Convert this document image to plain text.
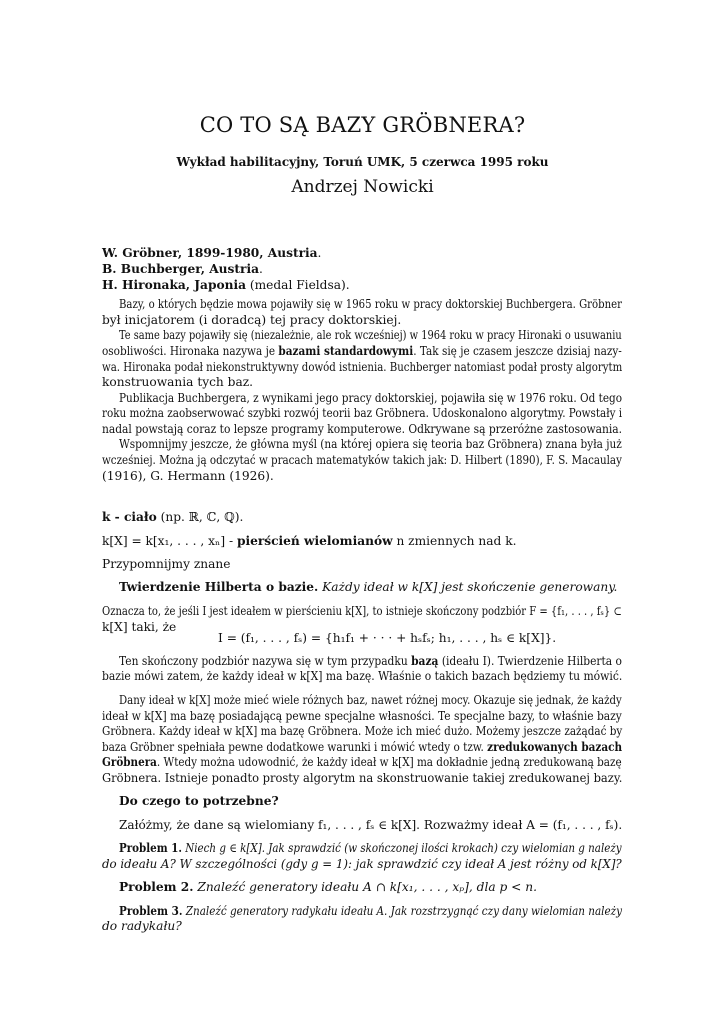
CO TO SĄ BAZY GRÖBNERA?
Wykład habilitacyjny, Toruń UMK, 5 czerwca 1995 roku
Andrzej Nowicki
W. Gröbner, 1899-1980, Austria.
B. Buchberger, Austria.
H. Hironaka, Japonia (medal Fieldsa).
Bazy, o których będzie mowa pojawiły się w 1965 roku w pracy doktorskiej Buchbergera. Gröbner
był inicjatorem (i doradcą) tej pracy doktorskiej.
Te same bazy pojawiły się (niezależnie, ale rok wcześniej) w 1964 roku w pracy Hironaki o usuwaniu
osobliwości. Hironaka nazywa je bazami standardowymi. Tak się je czasem jeszcze dzisiaj nazy-
wa. Hironaka podał niekonstruktywny dowód istnienia. Buchberger natomiast podał prosty algorytm
konstruowania tych baz.
Publikacja Buchbergera, z wynikami jego pracy doktorskiej, pojawiła się w 1976 roku. Od tego
roku można zaobserwować szybki rozwój teorii baz Gröbnera. Udoskonalono algorytmy. Powstały i
nadal powstają coraz to lepsze programy komputerowe. Odkrywane są przeróżne zastosowania.
Wspomnijmy jeszcze, że główna myśl (na której opiera się teoria baz Gröbnera) znana była już
wcześniej. Można ją odczytać w pracach matematyków takich jak: D. Hilbert (1890), F. S. Macaulay
(1916), G. Hermann (1926).
k - ciało (np. ℝ, ℂ, ℚ).
k[X] = k[x₁, . . . , xₙ] - pierścień wielomianów n zmiennych nad k.
Przypomnijmy znane
Twierdzenie Hilberta o bazie. Każdy ideał w k[X] jest skończenie generowany.
Oznacza to, że jeśli I jest ideałem w pierścieniu k[X], to istnieje skończony podzbiór F = {f₁, . . . , fₛ} ⊂
k[X] taki, że
I = (f₁, . . . , fₛ) = {h₁f₁ + · · · + hₛfₛ; h₁, . . . , hₛ ∈ k[X]}.
Ten skończony podzbiór nazywa się w tym przypadku bazą (ideału I). Twierdzenie Hilberta o
bazie mówi zatem, że każdy ideał w k[X] ma bazę. Właśnie o takich bazach będziemy tu mówić.
Dany ideał w k[X] może mieć wiele różnych baz, nawet różnej mocy. Okazuje się jednak, że każdy
ideał w k[X] ma bazę posiadającą pewne specjalne własności. Te specjalne bazy, to właśnie bazy
Gröbnera. Każdy ideał w k[X] ma bazę Gröbnera. Może ich mieć dużo. Możemy jeszcze zażądać by
baza Gröbner spełniała pewne dodatkowe warunki i mówić wtedy o tzw. zredukowanych bazach
Gröbnera. Wtedy można udowodnić, że każdy ideał w k[X] ma dokładnie jedną zredukowaną bazę
Gröbnera. Istnieje ponadto prosty algorytm na skonstruowanie takiej zredukowanej bazy.
Do czego to potrzebne?
Załóżmy, że dane są wielomiany f₁, . . . , fₛ ∈ k[X]. Rozważmy ideał A = (f₁, . . . , fₛ).
Problem 1. Niech g ∈ k[X]. Jak sprawdzić (w skończonej ilości krokach) czy wielomian g należy
do ideału A? W szczególności (gdy g = 1): jak sprawdzić czy ideał A jest różny od k[X]?
Problem 2. Znaleźć generatory ideału A ∩ k[x₁, . . . , xₚ], dla p < n.
Problem 3. Znaleźć generatory radykału ideału A. Jak rozstrzygnąć czy dany wielomian należy
do radykału?
